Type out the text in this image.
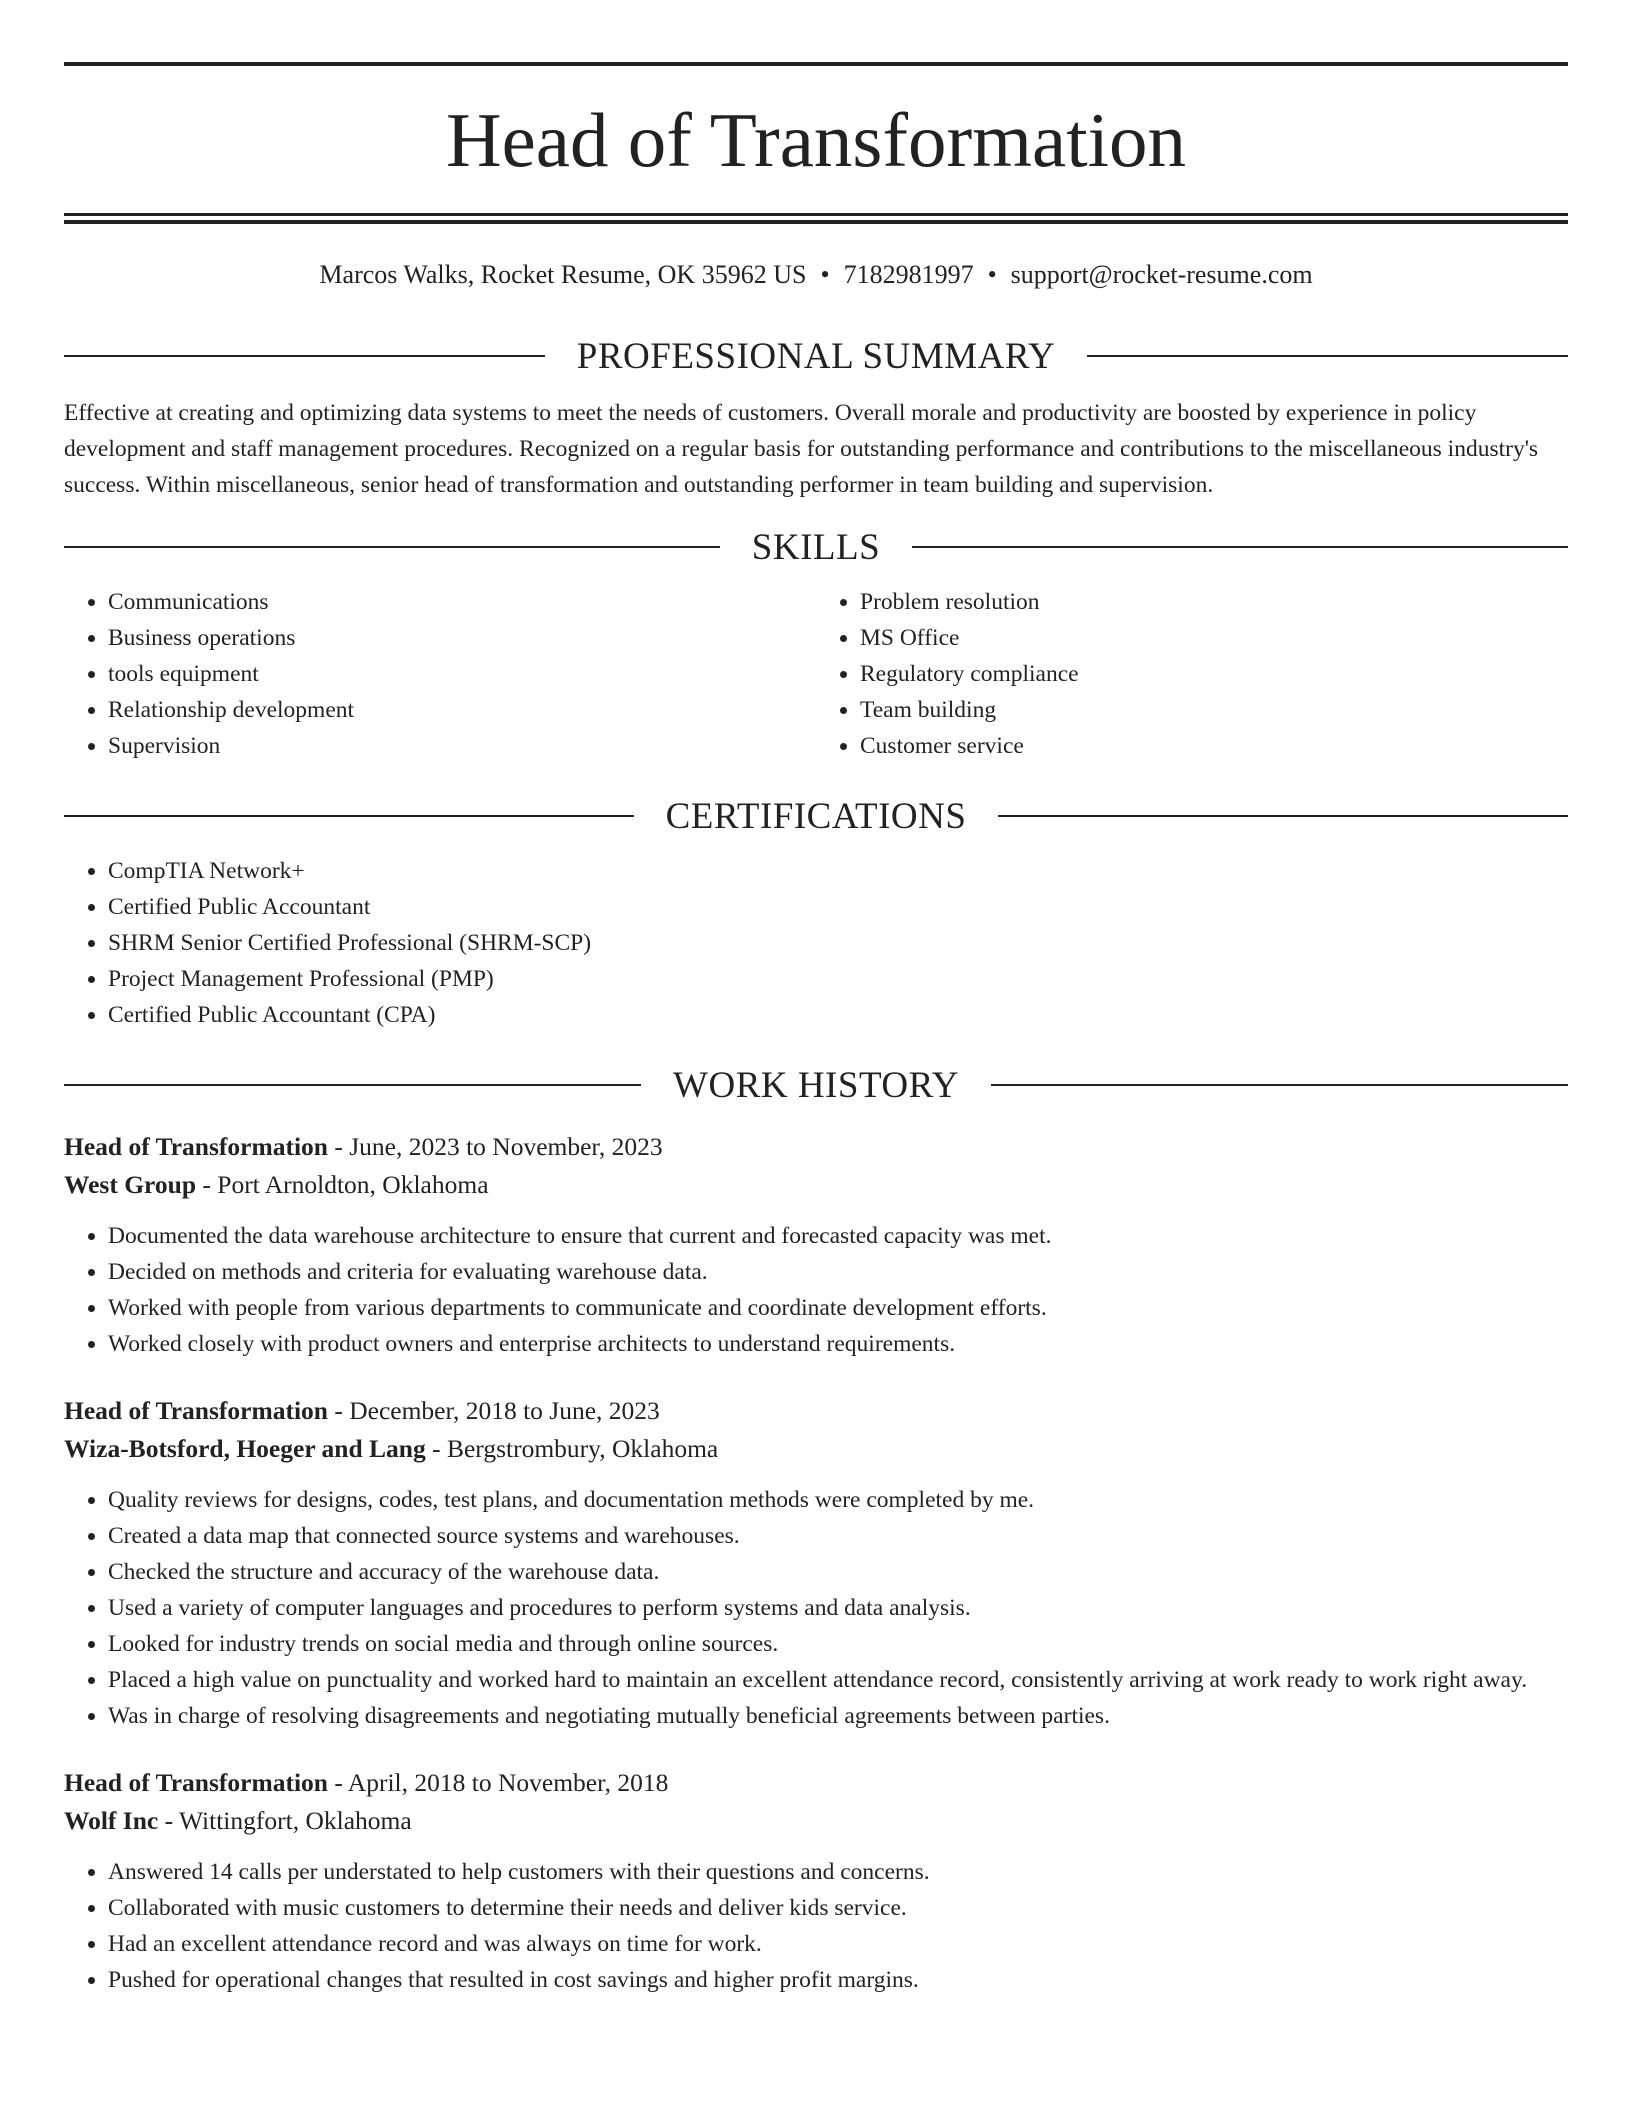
Head of Transformation
Marcos Walks, Rocket Resume, OK 35962 US • 7182981997 • support@rocket-resume.com
PROFESSIONAL SUMMARY

Effective at creating and optimizing data systems to meet the needs of customers. Overall morale and productivity are boosted by experience in policy development and staff management procedures. Recognized on a regular basis for outstanding performance and contributions to the miscellaneous industry's success. Within miscellaneous, senior head of transformation and outstanding performer in team building and supervision.

SKILLS
• Communications
• Business operations
• tools equipment
• Relationship development
• Supervision
• Problem resolution
• MS Office
• Regulatory compliance
• Team building
• Customer service
CERTIFICATIONS
• CompTIA Network+
• Certified Public Accountant
• SHRM Senior Certified Professional (SHRM-SCP)
• Project Management Professional (PMP)
• Certified Public Accountant (CPA)
WORK HISTORY
Head of Transformation - June, 2023 to November, 2023
West Group - Port Arnoldton, Oklahoma
• Documented the data warehouse architecture to ensure that current and forecasted capacity was met.
• Decided on methods and criteria for evaluating warehouse data.
• Worked with people from various departments to communicate and coordinate development efforts.
• Worked closely with product owners and enterprise architects to understand requirements.
Head of Transformation - December, 2018 to June, 2023
Wiza-Botsford, Hoeger and Lang - Bergstrombury, Oklahoma
• Quality reviews for designs, codes, test plans, and documentation methods were completed by me.
• Created a data map that connected source systems and warehouses.
• Checked the structure and accuracy of the warehouse data.
• Used a variety of computer languages and procedures to perform systems and data analysis.
• Looked for industry trends on social media and through online sources.
• Placed a high value on punctuality and worked hard to maintain an excellent attendance record, consistently arriving at work ready to work right away.
• Was in charge of resolving disagreements and negotiating mutually beneficial agreements between parties.
Head of Transformation - April, 2018 to November, 2018
Wolf Inc - Wittingfort, Oklahoma
• Answered 14 calls per understated to help customers with their questions and concerns.
• Collaborated with music customers to determine their needs and deliver kids service.
• Had an excellent attendance record and was always on time for work.
• Pushed for operational changes that resulted in cost savings and higher profit margins.
